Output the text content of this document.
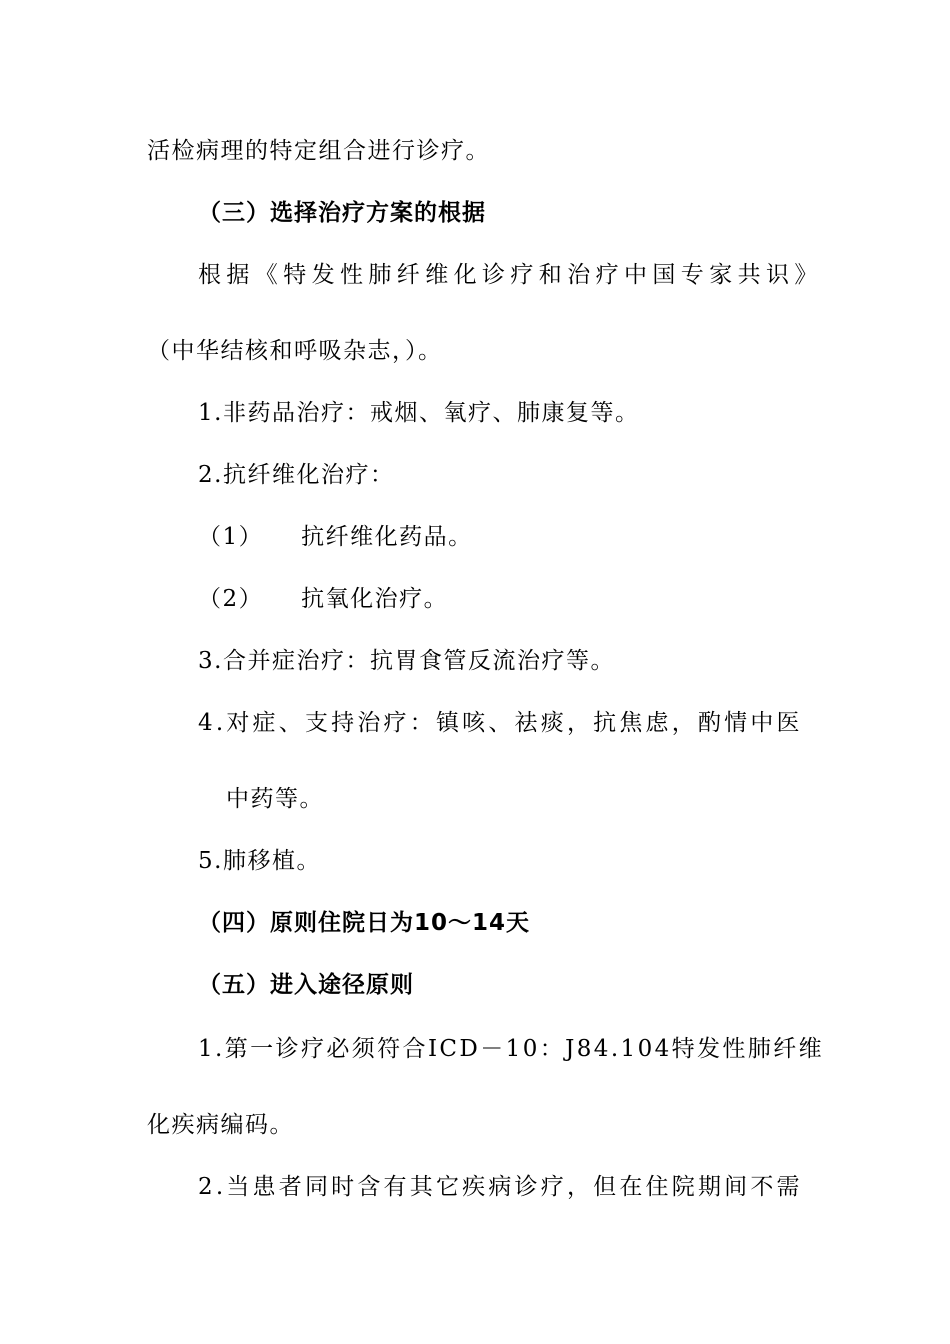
活检病理的特定组合进行诊疗。
（三）选择治疗方案的根据
根据《特发性肺纤维化诊疗和治疗中国专家共识》
（中华结核和呼吸杂志，）。
1.非药品治疗：戒烟、氧疗、肺康复等。
2.抗纤维化治疗：
（1） 抗纤维化药品。
（2） 抗氧化治疗。
3.合并症治疗：抗胃食管反流治疗等。
4.对症、支持治疗：镇咳、祛痰，抗焦虑，酌情中医
中药等。
5.肺移植。
（四）原则住院日为10～14天
（五）进入途径原则
1.第一诊疗必须符合ICD－10：J84.104特发性肺纤维
化疾病编码。
2.当患者同时含有其它疾病诊疗，但在住院期间不需
